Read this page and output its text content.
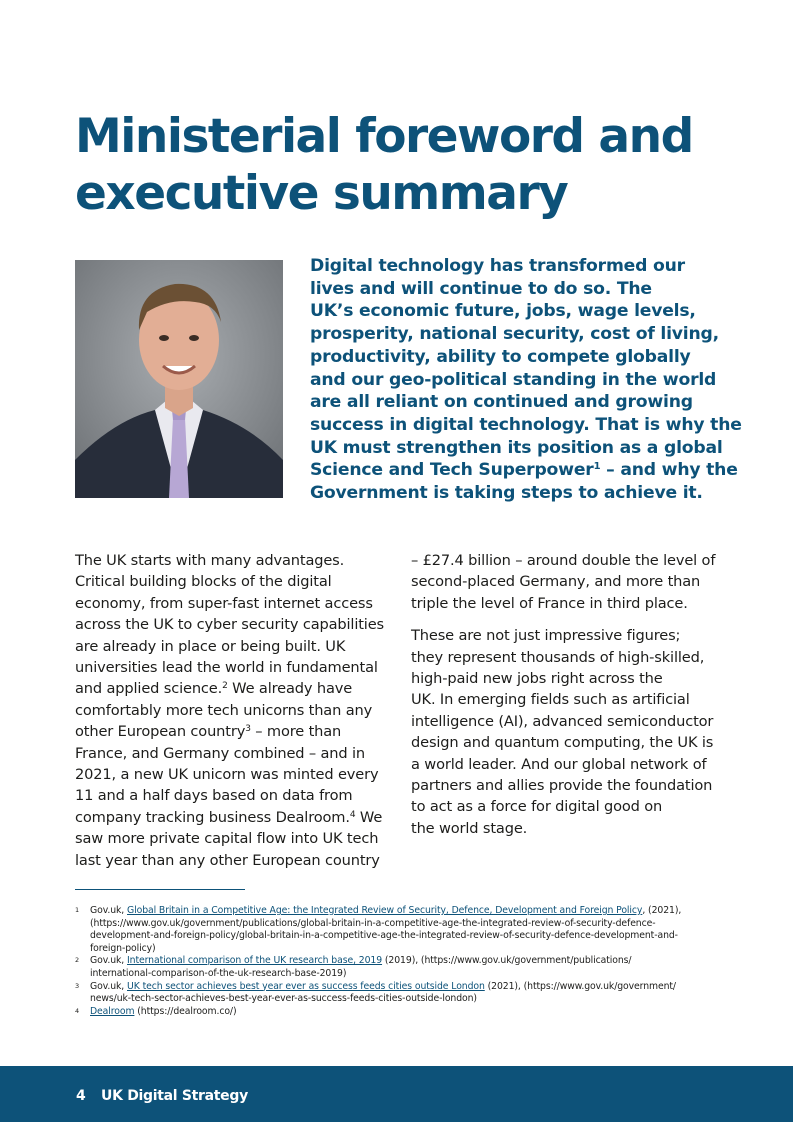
Ministerial foreword and
executive summary

Digital technology has transformed our
lives and will continue to do so. The
UK’s economic future, jobs, wage levels,
prosperity, national security, cost of living,
productivity, ability to compete globally
and our geo-political standing in the world
are all reliant on continued and growing
success in digital technology. That is why the
UK must strengthen its position as a global
Science and Tech Superpower$^1$ – and why the
Government is taking steps to achieve it.

The UK starts with many advantages.
Critical building blocks of the digital
economy, from super-fast internet access
across the UK to cyber security capabilities
are already in place or being built. UK
universities lead the world in fundamental
and applied science.$^2$ We already have
comfortably more tech unicorns than any
other European country$^3$ – more than
France, and Germany combined – and in
2021, a new UK unicorn was minted every
11 and a half days based on data from
company tracking business Dealroom.$^4$ We
saw more private capital flow into UK tech
last year than any other European country

– £27.4 billion – around double the level of
second-placed Germany, and more than
triple the level of France in third place.

These are not just impressive figures;
they represent thousands of high-skilled,
high-paid new jobs right across the
UK. In emerging fields such as artificial
intelligence (AI), advanced semiconductor
design and quantum computing, the UK is
a world leader. And our global network of
partners and allies provide the foundation
to act as a force for digital good on
the world stage.

1 Gov.uk, Global Britain in a Competitive Age: the Integrated Review of Security, Defence, Development and Foreign Policy, (2021),
(https://www.gov.uk/government/publications/global-britain-in-a-competitive-age-the-integrated-review-of-security-defence-
development-and-foreign-policy/global-britain-in-a-competitive-age-the-integrated-review-of-security-defence-development-and-
foreign-policy)
2 Gov.uk, International comparison of the UK research base, 2019 (2019), (https://www.gov.uk/government/publications/
international-comparison-of-the-uk-research-base-2019)
3 Gov.uk, UK tech sector achieves best year ever as success feeds cities outside London (2021), (https://www.gov.uk/government/
news/uk-tech-sector-achieves-best-year-ever-as-success-feeds-cities-outside-london)
4 Dealroom (https://dealroom.co/)
4 UK Digital Strategy
